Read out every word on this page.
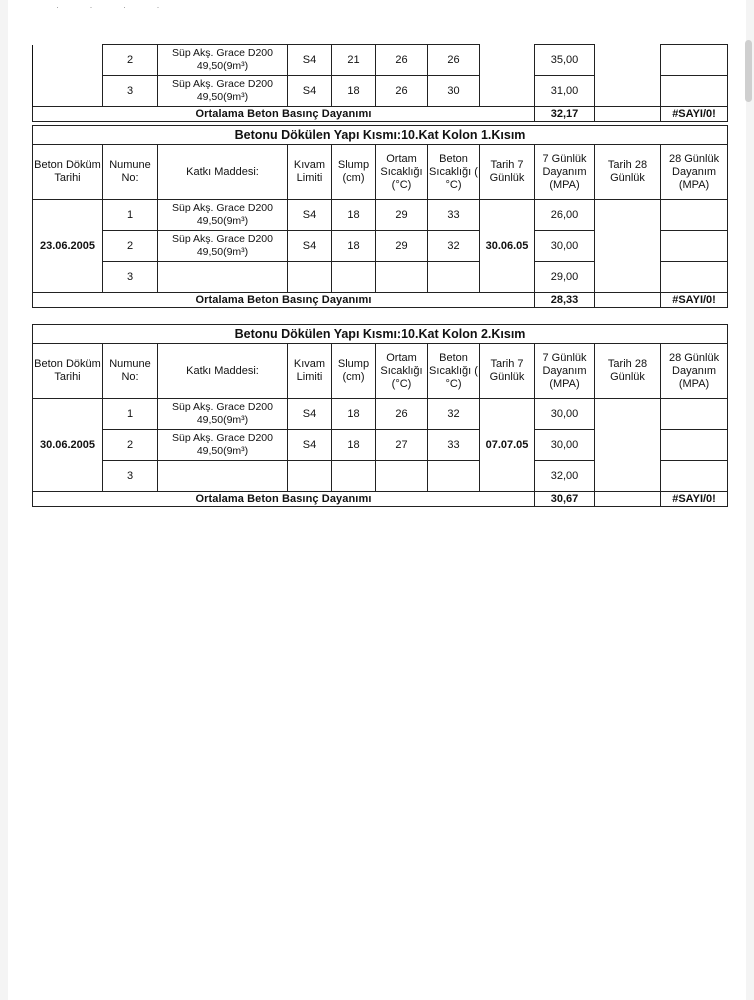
· · · ·
	2	Süp Akş. Grace D200 49,50(9m³)	S4	21	26	26		35,00		
	3	Süp Akş. Grace D200 49,50(9m³)	S4	18	26	30		31,00		
Ortalama Beton Basınç Dayanımı								32,17		#SAYI/0!
Betonu Dökülen Yapı Kısmı:10.Kat Kolon 1.Kısım										
Beton Döküm Tarihi	Numune No:	Katkı Maddesi:	Kıvam Limiti	Slump (cm)	Ortam Sıcaklığı (°C)	Beton Sıcaklığı ( °C)	Tarih 7 Günlük	7 Günlük Dayanım (MPA)	Tarih 28 Günlük	28 Günlük Dayanım (MPA)
23.06.2005	1	Süp Akş. Grace D200 49,50(9m³)	S4	18	29	33	30.06.05	26,00		
	2	Süp Akş. Grace D200 49,50(9m³)	S4	18	29	32		30,00		
	3							29,00		
Ortalama Beton Basınç Dayanımı								28,33		#SAYI/0!
Betonu Dökülen Yapı Kısmı:10.Kat Kolon 2.Kısım										
Beton Döküm Tarihi	Numune No:	Katkı Maddesi:	Kıvam Limiti	Slump (cm)	Ortam Sıcaklığı (°C)	Beton Sıcaklığı ( °C)	Tarih 7 Günlük	7 Günlük Dayanım (MPA)	Tarih 28 Günlük	28 Günlük Dayanım (MPA)
30.06.2005	1	Süp Akş. Grace D200 49,50(9m³)	S4	18	26	32	07.07.05	30,00		
	2	Süp Akş. Grace D200 49,50(9m³)	S4	18	27	33		30,00		
	3							32,00		
Ortalama Beton Basınç Dayanımı								30,67		#SAYI/0!
